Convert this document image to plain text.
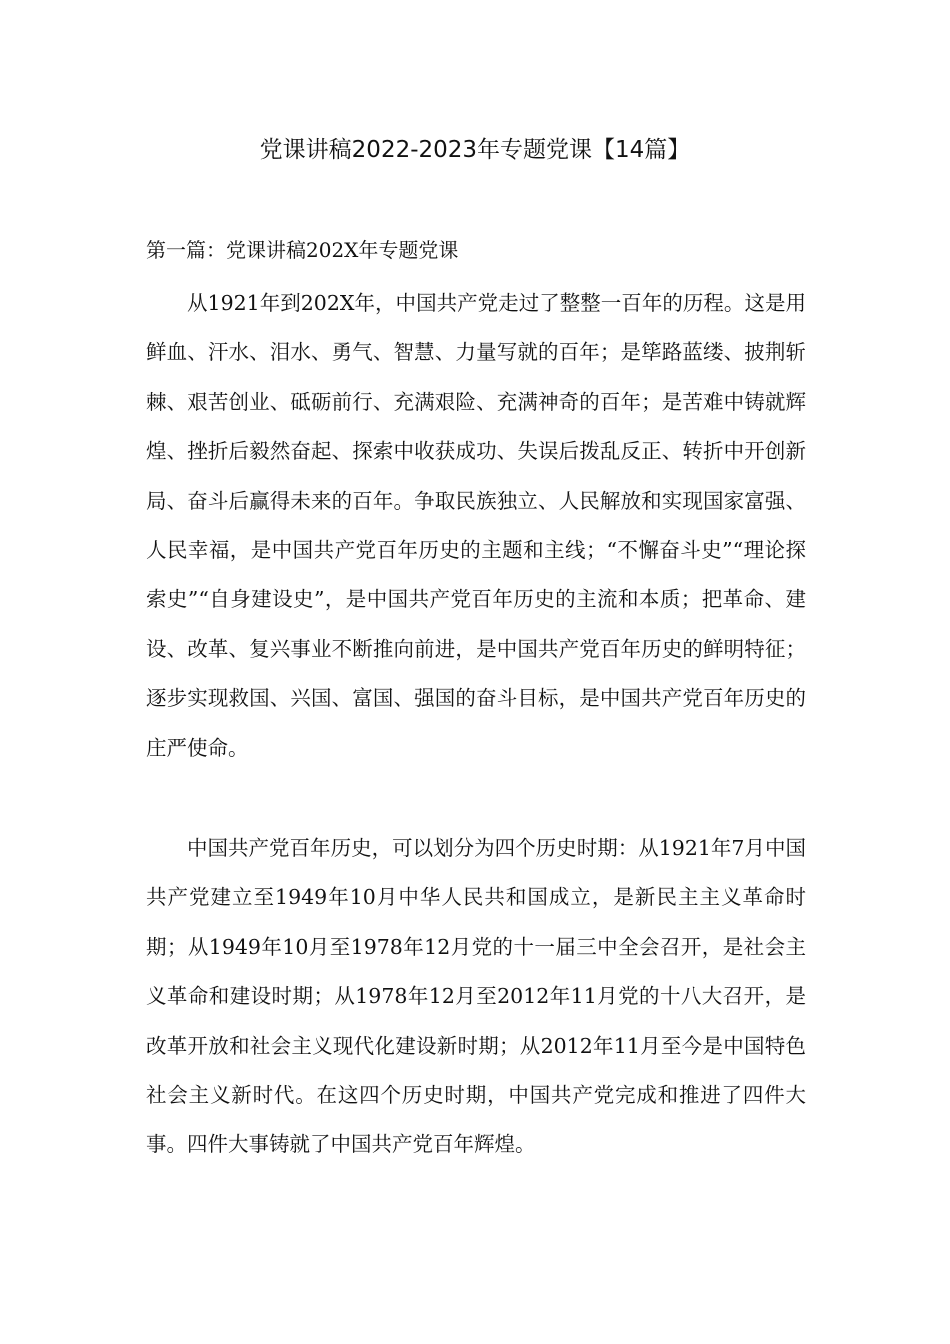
党课讲稿2022-2023年专题党课【14篇】
第一篇：党课讲稿202X年专题党课

从1921年到202X年，中国共产党走过了整整一百年的历程。这是用鲜血、汗水、泪水、勇气、智慧、力量写就的百年；是筚路蓝缕、披荆斩棘、艰苦创业、砥砺前行、充满艰险、充满神奇的百年；是苦难中铸就辉煌、挫折后毅然奋起、探索中收获成功、失误后拨乱反正、转折中开创新局、奋斗后赢得未来的百年。争取民族独立、人民解放和实现国家富强、人民幸福，是中国共产党百年历史的主题和主线；“不懈奋斗史”“理论探索史”“自身建设史”，是中国共产党百年历史的主流和本质；把革命、建设、改革、复兴事业不断推向前进，是中国共产党百年历史的鲜明特征；逐步实现救国、兴国、富国、强国的奋斗目标，是中国共产党百年历史的庄严使命。

中国共产党百年历史，可以划分为四个历史时期：从1921年7月中国共产党建立至1949年10月中华人民共和国成立，是新民主主义革命时期；从1949年10月至1978年12月党的十一届三中全会召开，是社会主义革命和建设时期；从1978年12月至2012年11月党的十八大召开，是改革开放和社会主义现代化建设新时期；从2012年11月至今是中国特色社会主义新时代。在这四个历史时期，中国共产党完成和推进了四件大事。四件大事铸就了中国共产党百年辉煌。
